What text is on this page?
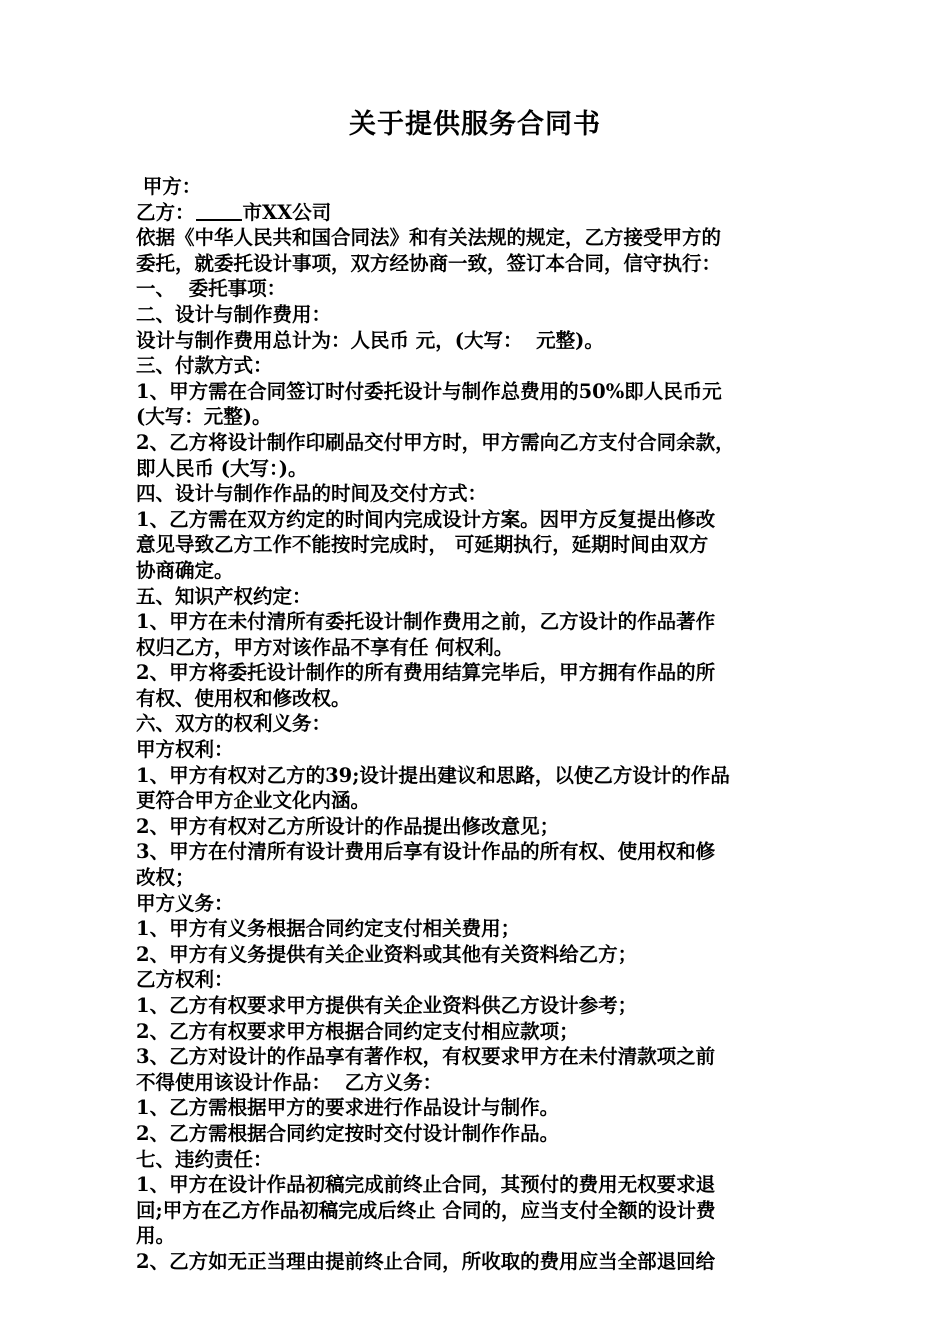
关于提供服务合同书
甲方：
乙方： 市XX公司
依据《中华人民共和国合同法》和有关法规的规定，乙方接受甲方的
委托，就委托设计事项，双方经协商一致，签订本合同，信守执行：
一、  委托事项：
二、设计与制作费用：
设计与制作费用总计为：人民币 元，(大写：  元整)。
三、付款方式：
1、甲方需在合同签订时付委托设计与制作总费用的50%即人民币元
(大写：元整)。
2、乙方将设计制作印刷品交付甲方时，甲方需向乙方支付合同余款，
即人民币 (大写：)。
四、设计与制作作品的时间及交付方式：
1、乙方需在双方约定的时间内完成设计方案。因甲方反复提出修改
意见导致乙方工作不能按时完成时， 可延期执行，延期时间由双方
协商确定。
五、知识产权约定：
1、甲方在未付清所有委托设计制作费用之前，乙方设计的作品著作
权归乙方，甲方对该作品不享有任 何权利。
2、甲方将委托设计制作的所有费用结算完毕后，甲方拥有作品的所
有权、使用权和修改权。
六、双方的权利义务：
甲方权利：
1、甲方有权对乙方的39;设计提出建议和思路，以使乙方设计的作品
更符合甲方企业文化内涵。
2、甲方有权对乙方所设计的作品提出修改意见；
3、甲方在付清所有设计费用后享有设计作品的所有权、使用权和修
改权；
甲方义务：
1、甲方有义务根据合同约定支付相关费用；
2、甲方有义务提供有关企业资料或其他有关资料给乙方；
乙方权利：
1、乙方有权要求甲方提供有关企业资料供乙方设计参考；
2、乙方有权要求甲方根据合同约定支付相应款项；
3、乙方对设计的作品享有著作权，有权要求甲方在未付清款项之前
不得使用该设计作品：  乙方义务：
1、乙方需根据甲方的要求进行作品设计与制作。
2、乙方需根据合同约定按时交付设计制作作品。
七、违约责任：
1、甲方在设计作品初稿完成前终止合同，其预付的费用无权要求退
回;甲方在乙方作品初稿完成后终止 合同的，应当支付全额的设计费
用。
2、乙方如无正当理由提前终止合同，所收取的费用应当全部退回给
